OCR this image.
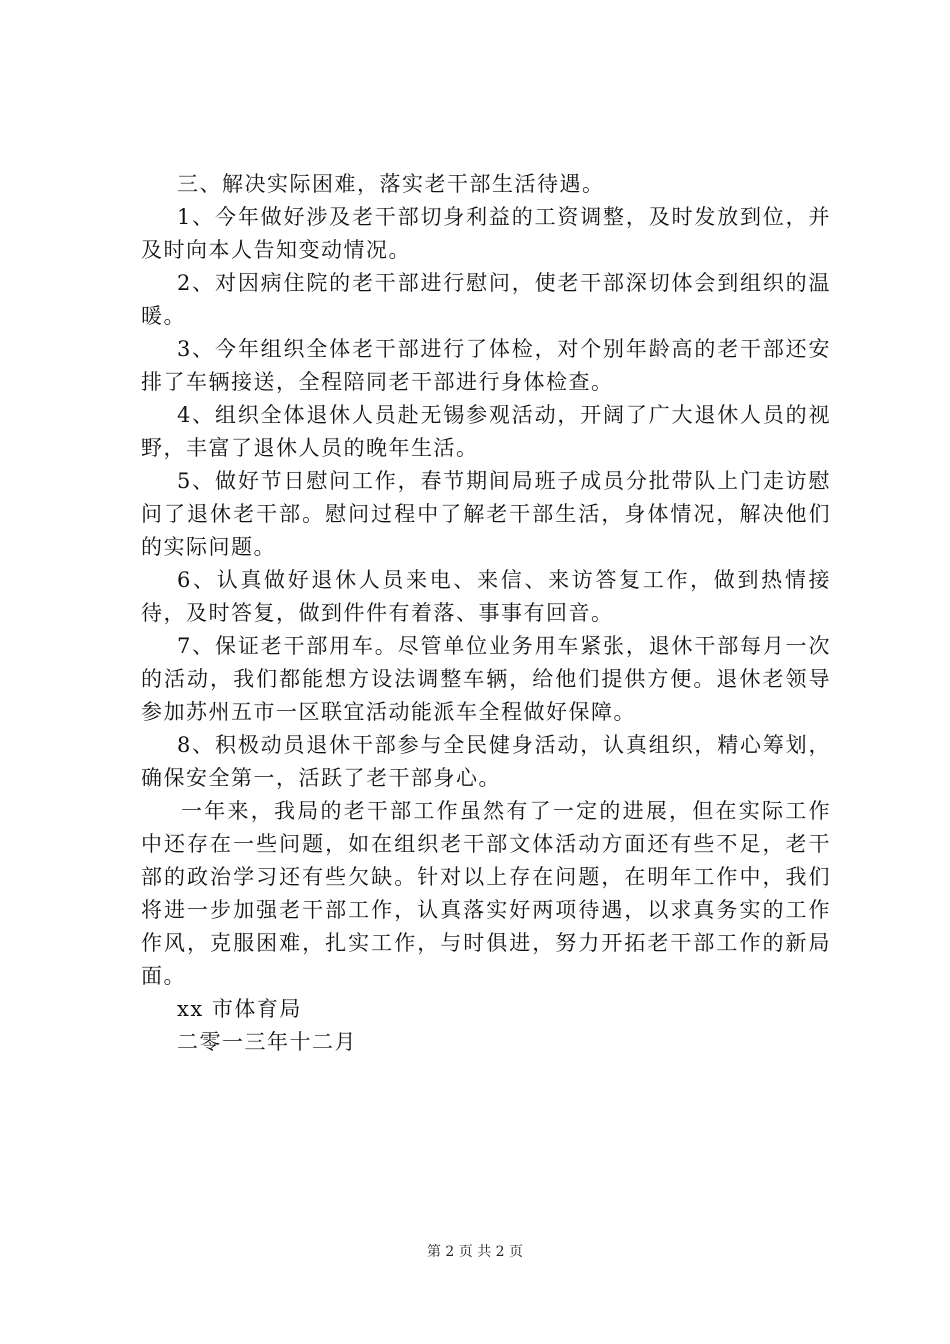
三、解决实际困难，落实老干部生活待遇。

1、今年做好涉及老干部切身利益的工资调整，及时发放到位，并及时向本人告知变动情况。

2、对因病住院的老干部进行慰问，使老干部深切体会到组织的温暖。

3、今年组织全体老干部进行了体检，对个别年龄高的老干部还安排了车辆接送，全程陪同老干部进行身体检查。

4、组织全体退休人员赴无锡参观活动，开阔了广大退休人员的视野，丰富了退休人员的晚年生活。

5、做好节日慰问工作，春节期间局班子成员分批带队上门走访慰问了退休老干部。慰问过程中了解老干部生活，身体情况，解决他们的实际问题。

6、认真做好退休人员来电、来信、来访答复工作，做到热情接待，及时答复，做到件件有着落、事事有回音。

7、保证老干部用车。尽管单位业务用车紧张，退休干部每月一次的活动，我们都能想方设法调整车辆，给他们提供方便。退休老领导参加苏州五市一区联宜活动能派车全程做好保障。

8、积极动员退休干部参与全民健身活动，认真组织，精心筹划，确保安全第一，活跃了老干部身心。

一年来，我局的老干部工作虽然有了一定的进展，但在实际工作中还存在一些问题，如在组织老干部文体活动方面还有些不足，老干部的政治学习还有些欠缺。针对以上存在问题，在明年工作中，我们将进一步加强老干部工作，认真落实好两项待遇，以求真务实的工作作风，克服困难，扎实工作，与时俱进，努力开拓老干部工作的新局面。

xx 市体育局

二零一三年十二月

第 2 页 共 2 页
